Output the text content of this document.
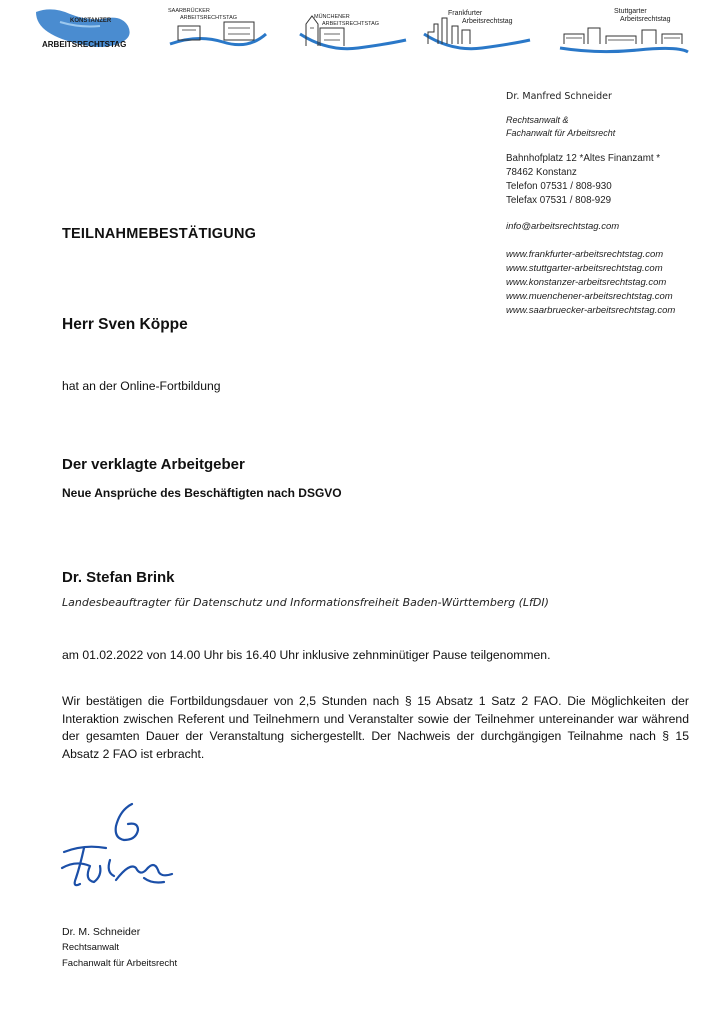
KONSTANZER
ARBEITSRECHTSTAG
SAARBRÜCKER
ARBEITSRECHTSTAG	MÜNCHENER
ARBEITSRECHTSTAG
Frankfurter
Arbeitsrechtstag
Stuttgarter
Arbeitsrechtstag
Dr. Manfred Schneider
Rechtsanwalt &
Fachanwalt für Arbeitsrecht
Bahnhofplatz 12 *Altes Finanzamt *
78462 Konstanz
Telefon 07531 / 808-930
Telefax 07531 / 808-929
info@arbeitsrechtstag.com
www.frankfurter-arbeitsrechtstag.com
www.stuttgarter-arbeitsrechtstag.com
www.konstanzer-arbeitsrechtstag.com
www.muenchener-arbeitsrechtstag.com
www.saarbruecker-arbeitsrechtstag.com
TEILNAHMEBESTÄTIGUNG
Herr Sven Köppe
hat an der Online-Fortbildung
Der verklagte Arbeitgeber
Neue Ansprüche des Beschäftigten nach DSGVO
Dr. Stefan Brink
Landesbeauftragter für Datenschutz und Informationsfreiheit Baden-Württemberg (LfDI)
am 01.02.2022 von 14.00 Uhr bis 16.40 Uhr inklusive zehnminütiger Pause teilgenommen.
Wir bestätigen die Fortbildungsdauer von 2,5 Stunden nach § 15 Absatz 1 Satz 2 FAO. Die Möglichkeiten der Interaktion zwischen Referent und Teilnehmern und Veranstalter sowie der Teilnehmer untereinander war während der gesamten Dauer der Veranstaltung sichergestellt. Der Nachweis der durchgängigen Teilnahme nach § 15 Absatz 2 FAO ist erbracht.
Dr. M. Schneider
Rechtsanwalt
Fachanwalt für Arbeitsrecht
